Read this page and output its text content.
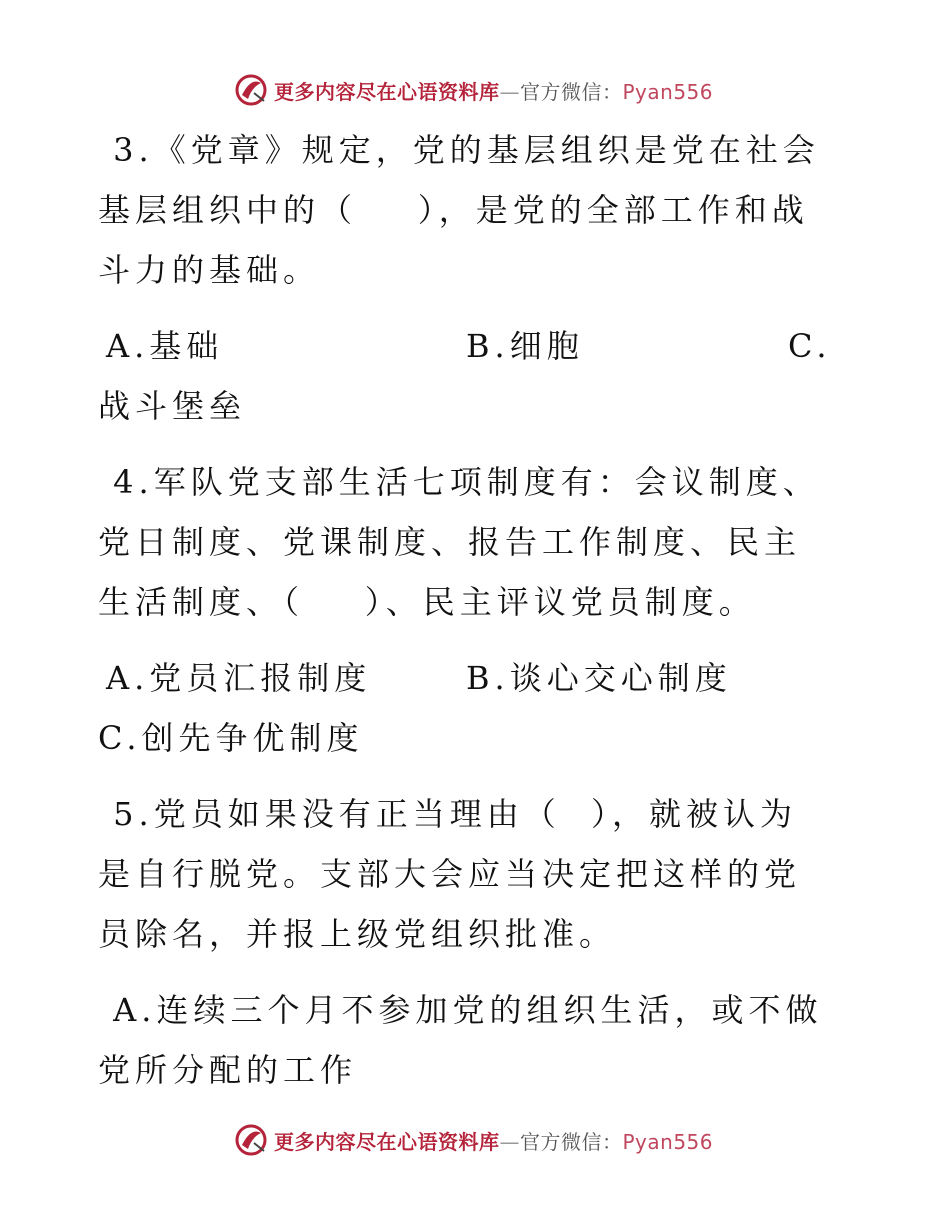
更多内容尽在心语资料库—官方微信：Pyan556

3.《党章》规定，党的基层组织是党在社会基层组织中的（    ），是党的全部工作和战斗力的基础。

A.基础	B.细胞	C.
战斗堡垒

4.军队党支部生活七项制度有：会议制度、党日制度、党课制度、报告工作制度、民主生活制度、（    ）、民主评议党员制度。

A.党员汇报制度	B.谈心交心制度
C.创先争优制度

5.党员如果没有正当理由（  ），就被认为是自行脱党。支部大会应当决定把这样的党员除名，并报上级党组织批准。

A.连续三个月不参加党的组织生活，或不做党所分配的工作

更多内容尽在心语资料库—官方微信：Pyan556
